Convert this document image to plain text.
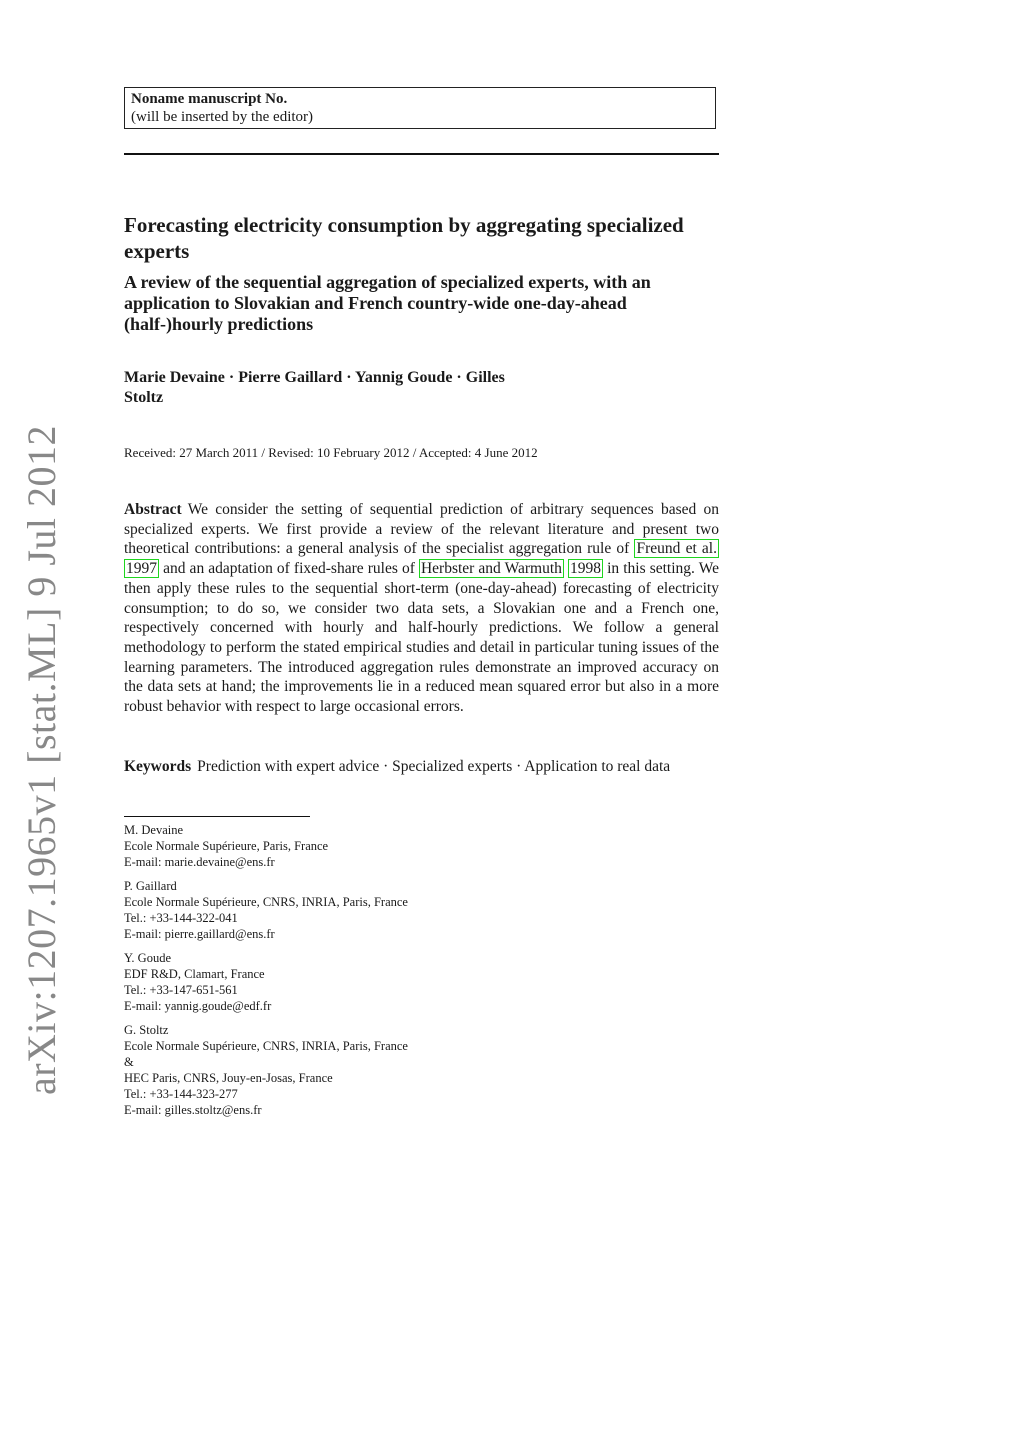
Noname manuscript No.
(will be inserted by the editor)
Forecasting electricity consumption by aggregating specialized experts
A review of the sequential aggregation of specialized experts, with an application to Slovakian and French country-wide one-day-ahead (half-)hourly predictions

Marie Devaine · Pierre Gaillard · Yannig Goude · Gilles Stoltz

Received: 27 March 2011 / Revised: 10 February 2012 / Accepted: 4 June 2012

Abstract We consider the setting of sequential prediction of arbitrary sequences based on specialized experts. We first provide a review of the relevant literature and present two theoretical contributions: a general analysis of the specialist aggregation rule of Freund et al. 1997 and an adaptation of fixed-share rules of Herbster and Warmuth 1998 in this setting. We then apply these rules to the sequential short-term (one-day-ahead) forecasting of electricity consumption; to do so, we consider two data sets, a Slovakian one and a French one, respectively concerned with hourly and half-hourly predictions. We follow a general methodology to perform the stated empirical studies and detail in particular tuning issues of the learning parameters. The introduced aggregation rules demonstrate an improved accuracy on the data sets at hand; the improvements lie in a reduced mean squared error but also in a more robust behavior with respect to large occasional errors.

Keywords Prediction with expert advice · Specialized experts · Application to real data

M. Devaine
Ecole Normale Supérieure, Paris, France
E-mail: marie.devaine@ens.fr
P. Gaillard
Ecole Normale Supérieure, CNRS, INRIA, Paris, France
Tel.: +33-144-322-041
E-mail: pierre.gaillard@ens.fr
Y. Goude
EDF R&D, Clamart, France
Tel.: +33-147-651-561
E-mail: yannig.goude@edf.fr
G. Stoltz
Ecole Normale Supérieure, CNRS, INRIA, Paris, France
&
HEC Paris, CNRS, Jouy-en-Josas, France
Tel.: +33-144-323-277
E-mail: gilles.stoltz@ens.fr
arXiv:1207.1965v1 [stat.ML] 9 Jul 2012
